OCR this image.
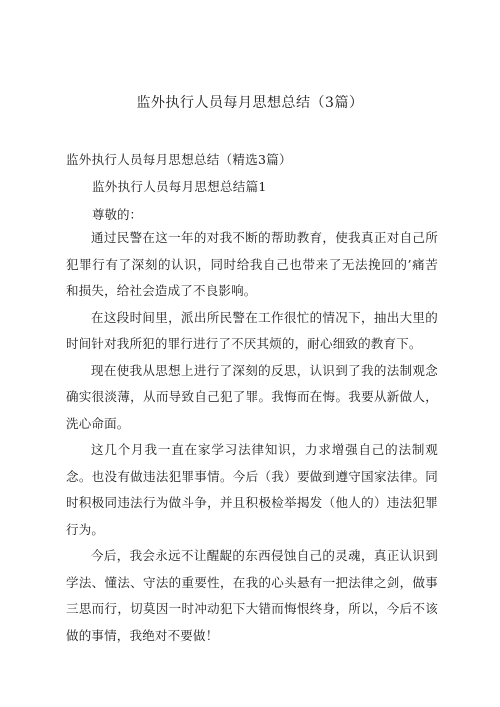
监外执行人员每月思想总结（3篇）
监外执行人员每月思想总结（精选3篇）
监外执行人员每月思想总结篇1
尊敬的：

通过民警在这一年的对我不断的帮助教育，使我真正对自己所犯罪行有了深刻的认识，同时给我自己也带来了无法挽回的’痛苦和损失，给社会造成了不良影响。

在这段时间里，派出所民警在工作很忙的情况下，抽出大里的时间针对我所犯的罪行进行了不厌其烦的，耐心细致的教育下。

现在使我从思想上进行了深刻的反思，认识到了我的法制观念确实很淡薄，从而导致自己犯了罪。我悔而在悔。我要从新做人，洗心命面。

这几个月我一直在家学习法律知识，力求增强自己的法制观念。也没有做违法犯罪事情。今后（我）要做到遵守国家法律。同时积极同违法行为做斗争，并且积极检举揭发（他人的）违法犯罪行为。

今后，我会永远不让醒龊的东西侵蚀自己的灵魂，真正认识到学法、懂法、守法的重要性，在我的心头悬有一把法律之剑，做事三思而行，切莫因一时冲动犯下大错而悔恨终身，所以，今后不该做的事情，我绝对不要做！
